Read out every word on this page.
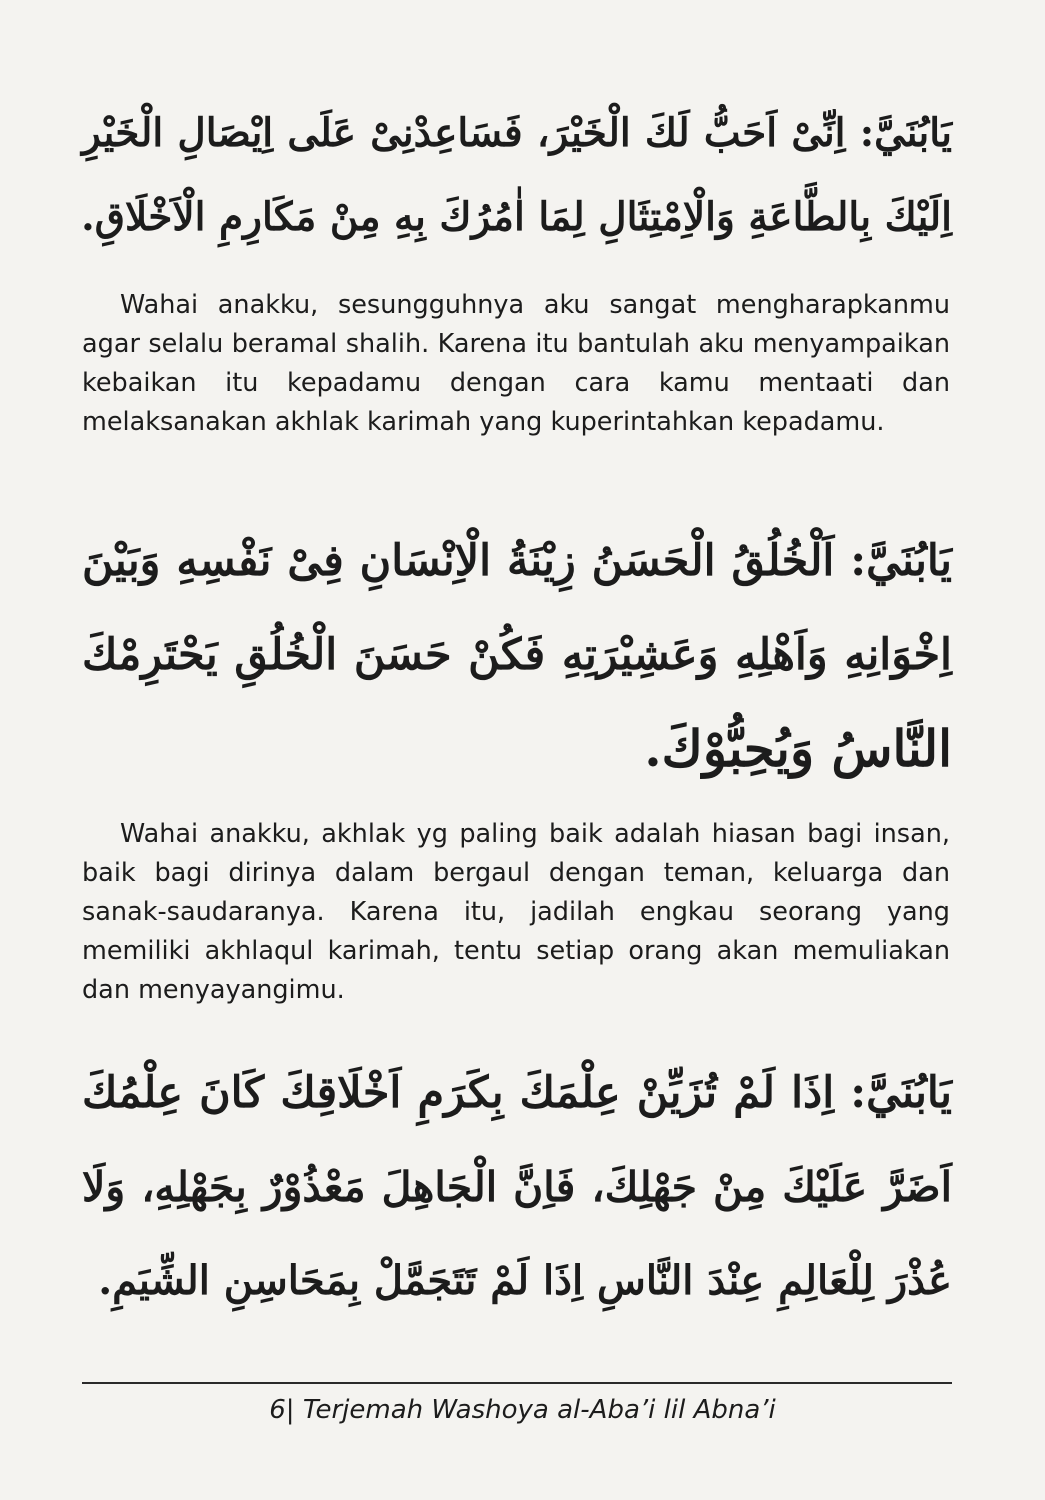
يَابُنَيَّ: اِنِّىْ اَحَبُّ لَكَ الْخَيْرَ، فَسَاعِدْنِىْ عَلَى اِيْصَالِ الْخَيْرِ

اِلَيْكَ بِالطَّاعَةِ وَالْاِمْتِثَالِ لِمَا اٰمُرُكَ بِهِ مِنْ مَكَارِمِ الْاَخْلَاقِ.

Wahai anakku, sesungguhnya aku sangat mengharapkanmu agar selalu beramal shalih. Karena itu bantulah aku menyampaikan kebaikan itu kepadamu dengan cara kamu mentaati dan melaksanakan akhlak karimah yang kuperintahkan kepadamu.

يَابُنَيَّ: اَلْخُلُقُ الْحَسَنُ زِيْنَةُ الْاِنْسَانِ فِىْ نَفْسِهِ وَبَيْنَ

اِخْوَانِهِ وَاَهْلِهِ وَعَشِيْرَتِهِ فَكُنْ حَسَنَ الْخُلُقِ يَحْتَرِمْكَ

النَّاسُ وَيُحِبُّوْكَ.

Wahai anakku, akhlak yg paling baik adalah hiasan bagi insan, baik bagi dirinya dalam bergaul dengan teman, keluarga dan sanak-saudaranya. Karena itu, jadilah engkau seorang yang memiliki akhlaqul karimah, tentu setiap orang akan memuliakan dan menyayangimu.

يَابُنَيَّ: اِذَا لَمْ تُزَيِّنْ عِلْمَكَ بِكَرَمِ اَخْلَاقِكَ كَانَ عِلْمُكَ

اَضَرَّ عَلَيْكَ مِنْ جَهْلِكَ، فَاِنَّ الْجَاهِلَ مَعْذُوْرٌ بِجَهْلِهِ، وَلَا

عُذْرَ لِلْعَالِمِ عِنْدَ النَّاسِ اِذَا لَمْ تَتَجَمَّلْ بِمَحَاسِنِ الشِّيَمِ.

6| Terjemah Washoya al-Aba’i lil Abna’i
